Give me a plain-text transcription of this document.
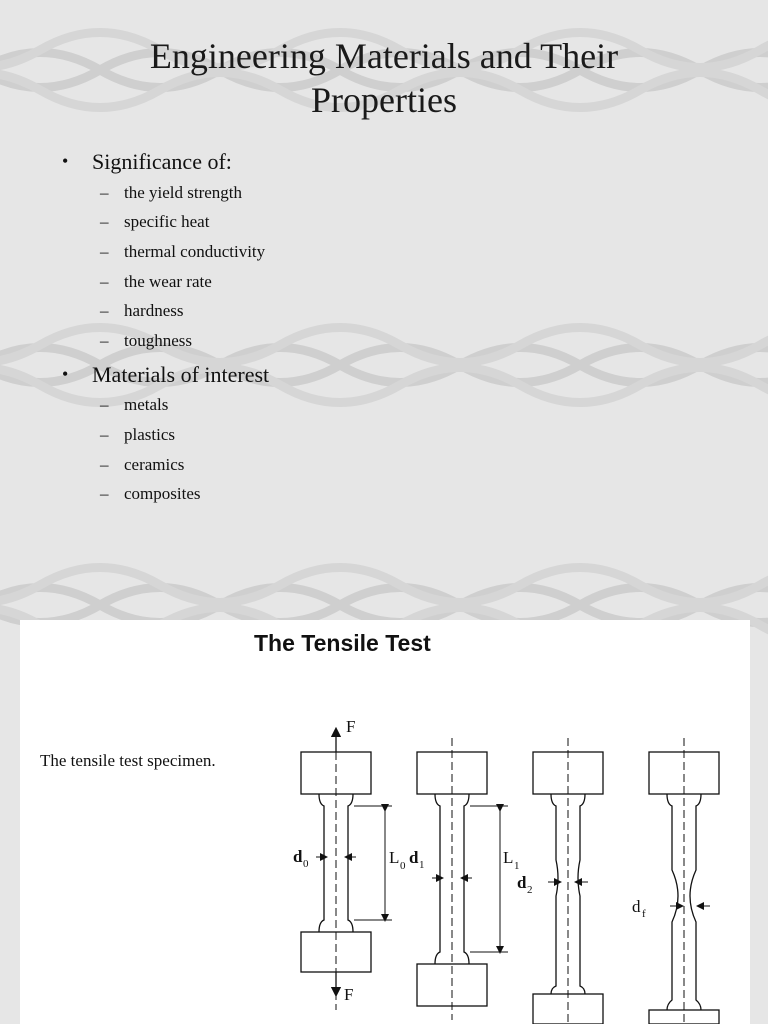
Engineering Materials and Their
Properties
• Significance of:
– the yield strength
– specific heat
– thermal conductivity
– the wear rate
– hardness
– toughness
• Materials of interest
– metals
– plastics
– ceramics
– composites
The Tensile Test
The tensile test specimen.
F
F
d 0	L 0 d 1	L 1
d 2
d f
